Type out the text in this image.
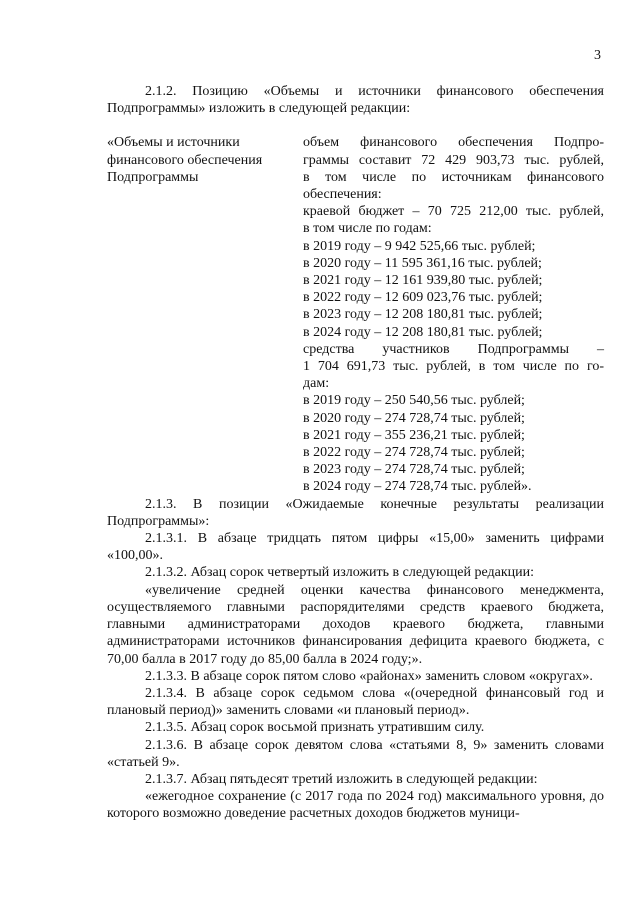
3

2.1.2. Позицию «Объемы и источники финансового обеспечения Подпрограммы» изложить в следующей редакции:

«Объемы и источники
финансового обеспечения
Подпрограммы
объем финансового обеспечения Подпро-
граммы составит 72 429 903,73 тыс. рублей,
в том числе по источникам финансового
обеспечения:
краевой бюджет – 70 725 212,00 тыс. рублей,
в том числе по годам:
в 2019 году – 9 942 525,66 тыс. рублей;
в 2020 году – 11 595 361,16 тыс. рублей;
в 2021 году – 12 161 939,80 тыс. рублей;
в 2022 году – 12 609 023,76 тыс. рублей;
в 2023 году – 12 208 180,81 тыс. рублей;
в 2024 году – 12 208 180,81 тыс. рублей;
средства участников Подпрограммы –
1 704 691,73 тыс. рублей, в том числе по го-
дам:
в 2019 году – 250 540,56 тыс. рублей;
в 2020 году – 274 728,74 тыс. рублей;
в 2021 году – 355 236,21 тыс. рублей;
в 2022 году – 274 728,74 тыс. рублей;
в 2023 году – 274 728,74 тыс. рублей;
в 2024 году – 274 728,74 тыс. рублей».

2.1.3. В позиции «Ожидаемые конечные результаты реализации Подпрограммы»:

2.1.3.1. В абзаце тридцать пятом цифры «15,00» заменить цифрами «100,00».

2.1.3.2. Абзац сорок четвертый изложить в следующей редакции:

«увеличение средней оценки качества финансового менеджмента, осуществляемого главными распорядителями средств краевого бюджета, главными администраторами доходов краевого бюджета, главными администраторами источников финансирования дефицита краевого бюджета, с 70,00 балла в 2017 году до 85,00 балла в 2024 году;».

2.1.3.3. В абзаце сорок пятом слово «районах» заменить словом «округах».

2.1.3.4. В абзаце сорок седьмом слова «(очередной финансовый год и плановый период)» заменить словами «и плановый период».

2.1.3.5. Абзац сорок восьмой признать утратившим силу.

2.1.3.6. В абзаце сорок девятом слова «статьями 8, 9» заменить словами «статьей 9».

2.1.3.7. Абзац пятьдесят третий изложить в следующей редакции:

«ежегодное сохранение (с 2017 года по 2024 год) максимального уровня, до которого возможно доведение расчетных доходов бюджетов муници-
